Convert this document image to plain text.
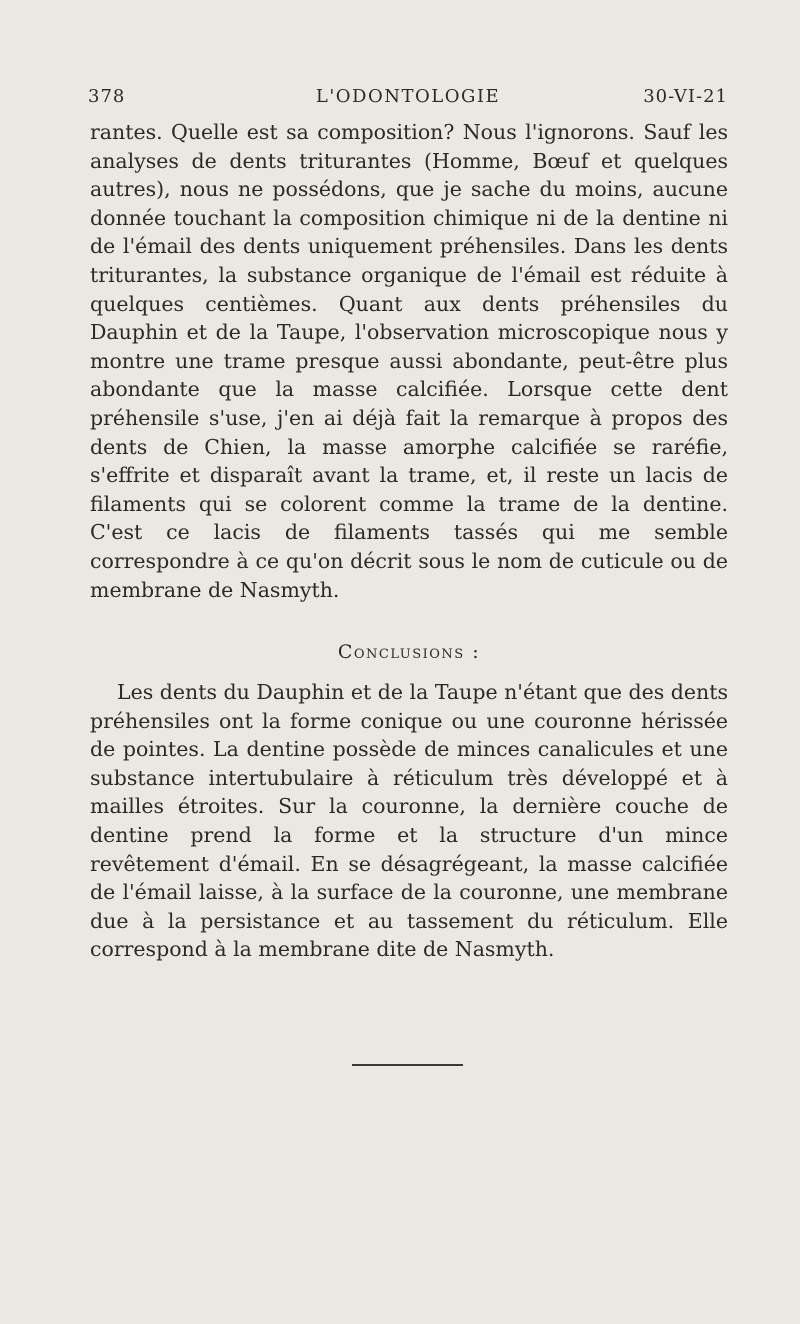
378	L'ODONTOLOGIE	30-VI-21

rantes. Quelle est sa composition? Nous l'ignorons. Sauf les analyses de dents triturantes (Homme, Bœuf et quelques autres), nous ne possédons, que je sache du moins, aucune donnée touchant la composition chimique ni de la dentine ni de l'émail des dents uniquement préhensiles. Dans les dents triturantes, la substance organique de l'émail est réduite à quelques centièmes. Quant aux dents préhensiles du Dauphin et de la Taupe, l'observation microscopique nous y montre une trame presque aussi abondante, peut-être plus abondante que la masse calcifiée. Lorsque cette dent préhensile s'use, j'en ai déjà fait la remarque à propos des dents de Chien, la masse amorphe calcifiée se raréfie, s'effrite et disparaît avant la trame, et, il reste un lacis de filaments qui se colorent comme la trame de la dentine. C'est ce lacis de filaments tassés qui me semble correspondre à ce qu'on décrit sous le nom de cuticule ou de membrane de Nasmyth.

Conclusions :

Les dents du Dauphin et de la Taupe n'étant que des dents préhensiles ont la forme conique ou une couronne hérissée de pointes. La dentine possède de minces canalicules et une substance intertubulaire à réticulum très développé et à mailles étroites. Sur la couronne, la dernière couche de dentine prend la forme et la structure d'un mince revêtement d'émail. En se désagrégeant, la masse calcifiée de l'émail laisse, à la surface de la couronne, une membrane due à la persistance et au tassement du réticulum. Elle correspond à la membrane dite de Nasmyth.
